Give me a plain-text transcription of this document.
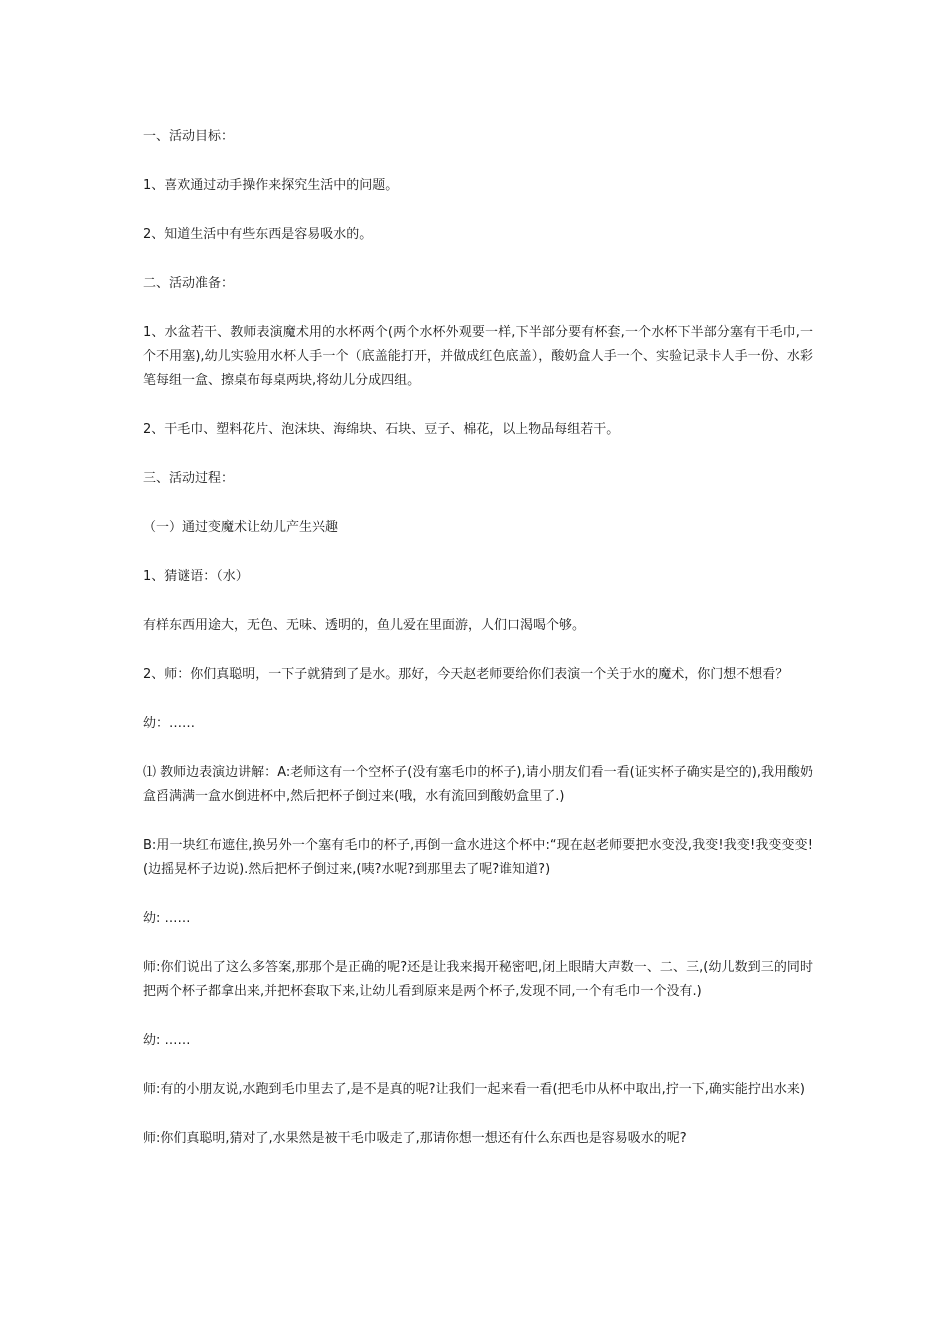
一、活动目标：

1、喜欢通过动手操作来探究生活中的问题。

2、知道生活中有些东西是容易吸水的。

二、活动准备：

1、水盆若干、教师表演魔术用的水杯两个(两个水杯外观要一样,下半部分要有杯套,一个水杯下半部分塞有干毛巾,一个不用塞),幼儿实验用水杯人手一个（底盖能打开，并做成红色底盖），酸奶盒人手一个、实验记录卡人手一份、水彩笔每组一盒、擦桌布每桌两块,将幼儿分成四组。

2、干毛巾、塑料花片、泡沫块、海绵块、石块、豆子、棉花，以上物品每组若干。

三、活动过程：

（一）通过变魔术让幼儿产生兴趣

1、猜谜语：（水）

有样东西用途大，无色、无味、透明的，鱼儿爱在里面游，人们口渴喝个够。

2、师：你们真聪明，一下子就猜到了是水。那好，今天赵老师要给你们表演一个关于水的魔术，你门想不想看？

幼：……

⑴ 教师边表演边讲解：A:老师这有一个空杯子(没有塞毛巾的杯子),请小朋友们看一看(证实杯子确实是空的),我用酸奶盒舀满满一盒水倒进杯中,然后把杯子倒过来(哦，水有流回到酸奶盒里了.)

B:用一块红布遮住,换另外一个塞有毛巾的杯子,再倒一盒水进这个杯中:“现在赵老师要把水变没,我变!我变!我变变变!(边摇晃杯子边说).然后把杯子倒过来,(咦?水呢?到那里去了呢?谁知道?)

幼: ……

师:你们说出了这么多答案,那那个是正确的呢?还是让我来揭开秘密吧,闭上眼睛大声数一、二、三,(幼儿数到三的同时把两个杯子都拿出来,并把杯套取下来,让幼儿看到原来是两个杯子,发现不同,一个有毛巾一个没有.)

幼: ……

师:有的小朋友说,水跑到毛巾里去了,是不是真的呢?让我们一起来看一看(把毛巾从杯中取出,拧一下,确实能拧出水来)

师:你们真聪明,猜对了,水果然是被干毛巾吸走了,那请你想一想还有什么东西也是容易吸水的呢?
